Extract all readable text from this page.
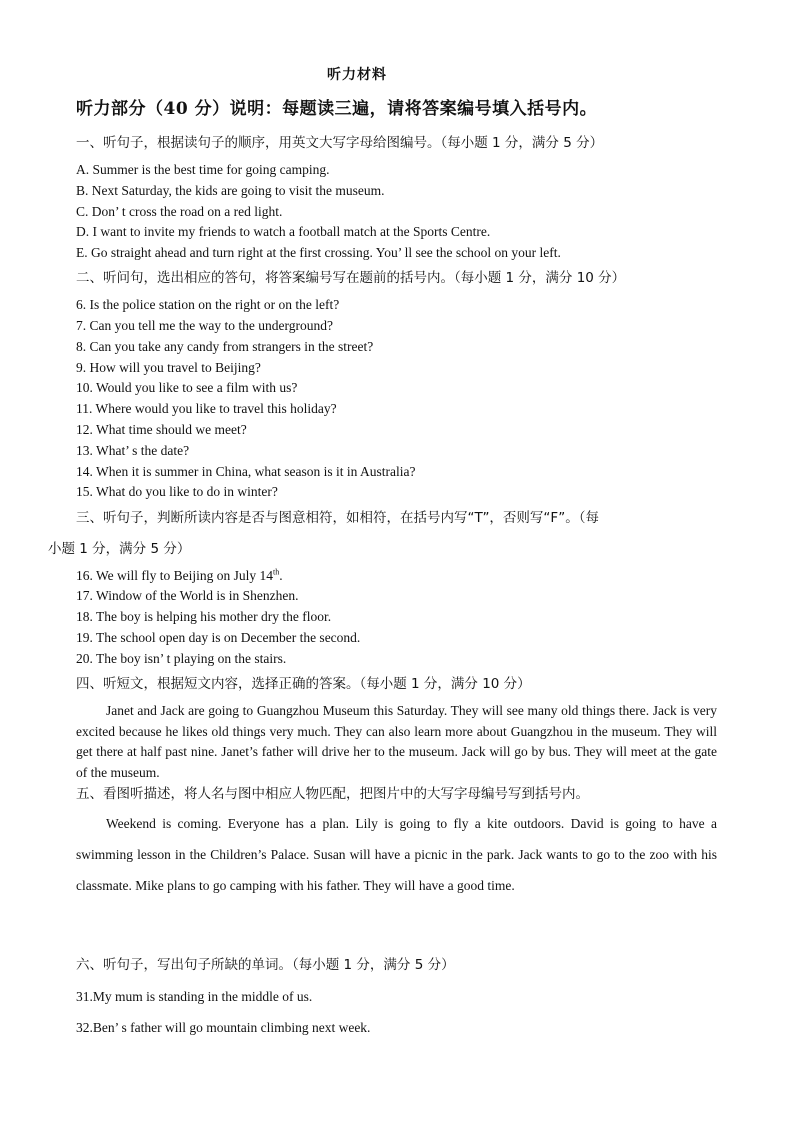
听力材料
听力部分（40 分）说明：每题读三遍，请将答案编号填入括号内。
一、听句子，根据读句子的顺序，用英文大写字母给图编号。（每小题 1 分，满分 5 分）
A. Summer is the best time for going camping.
B. Next Saturday, the kids are going to visit the museum.
C. Don’ t cross the road on a red light.
D. I want to invite my friends to watch a football match at the Sports Centre.
E. Go straight ahead and turn right at the first crossing. You’ ll see the school on your left.
二、听问句，选出相应的答句，将答案编号写在题前的括号内。（每小题 1 分，满分 10 分）
6. Is the police station on the right or on the left?
7. Can you tell me the way to the underground?
8. Can you take any candy from strangers in the street?
9. How will you travel to Beijing?
10. Would you like to see a film with us?
11. Where would you like to travel this holiday?
12. What time should we meet?
13. What’ s the date?
14. When it is summer in China, what season is it in Australia?
15. What do you like to do in winter?
三、听句子，判断所读内容是否与图意相符，如相符，在括号内写“T”，否则写“F”。（每
小题 1 分，满分 5 分）
16. We will fly to Beijing on July 14th.
17. Window of the World is in Shenzhen.
18. The boy is helping his mother dry the floor.
19. The school open day is on December the second.
20. The boy isn’ t playing on the stairs.
四、听短文，根据短文内容，选择正确的答案。（每小题 1 分，满分 10 分）
Janet and Jack are going to Guangzhou Museum this Saturday. They will see many old things there. Jack is very excited because he likes old things very much. They can also learn more about Guangzhou in the museum. They will get there at half past nine. Janet’s father will drive her to the museum. Jack will go by bus. They will meet at the gate of the museum.
五、看图听描述，将人名与图中相应人物匹配，把图片中的大写字母编号写到括号内。
Weekend is coming. Everyone has a plan. Lily is going to fly a kite outdoors. David is going to have a swimming lesson in the Children’s Palace. Susan will have a picnic in the park. Jack wants to go to the zoo with his classmate. Mike plans to go camping with his father. They will have a good time.
六、听句子，写出句子所缺的单词。（每小题 1 分，满分 5 分）
31.My mum is standing in the middle of us.
32.Ben’ s father will go mountain climbing next week.
